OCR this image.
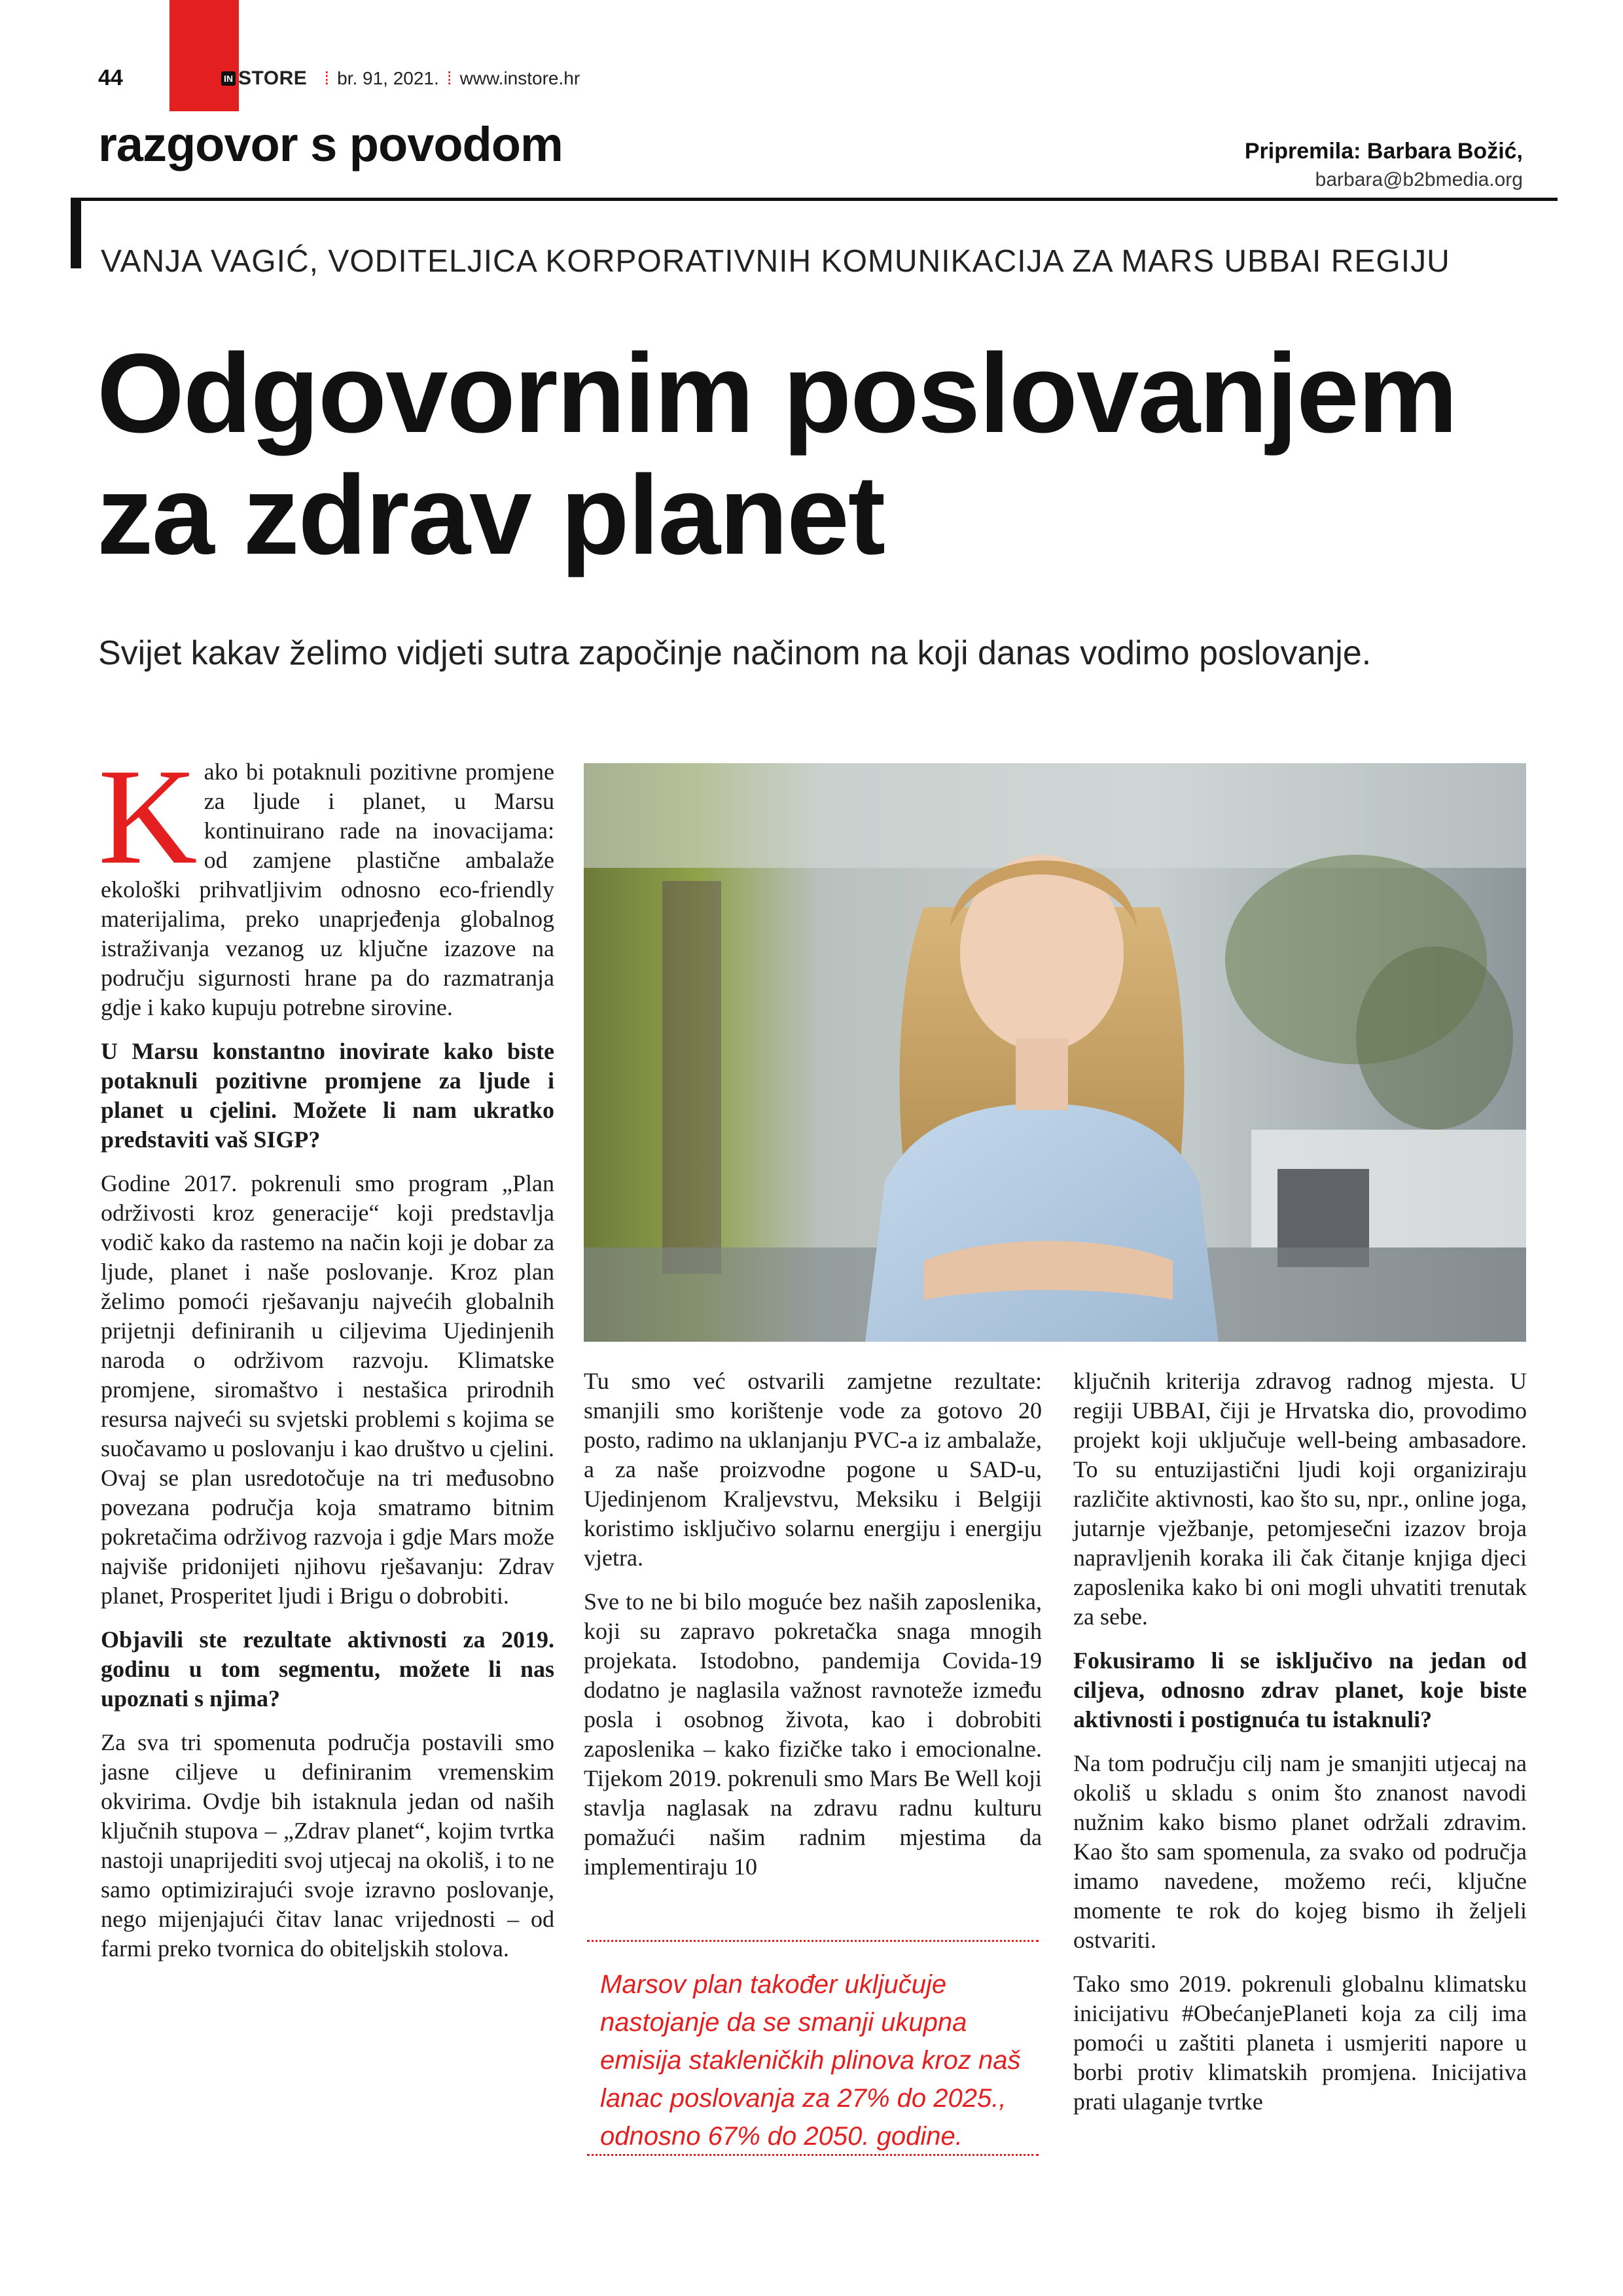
44	IN STORE ⁞ br. 91, 2021. ⁞ www.instore.hr
razgovor s povodom	Pripremila: Barbara Božić,
barbara@b2bmedia.org
VANJA VAGIĆ, VODITELJICA KORPORATIVNIH KOMUNIKACIJA ZA MARS UBBAI REGIJU
Odgovornim poslovanjem
za zdrav planet
Svijet kakav želimo vidjeti sutra započinje načinom na koji danas vodimo poslovanje.

Kako bi potaknuli pozitivne promjene za ljude i planet, u Marsu kontinuirano rade na inovacijama: od zamjene plastične ambalaže ekološki prihvatljivim odnosno eco-friendly materijalima, preko unaprjeđenja globalnog istraživanja vezanog uz ključne izazove na području sigurnosti hrane pa do razmatranja gdje i kako kupuju potrebne sirovine.

U Marsu konstantno inovirate kako biste potaknuli pozitivne promjene za ljude i planet u cjelini. Možete li nam ukratko predstaviti vaš SIGP?

Godine 2017. pokrenuli smo program „Plan održivosti kroz generacije“ koji predstavlja vodič kako da rastemo na način koji je dobar za ljude, planet i naše poslovanje. Kroz plan želimo pomoći rješavanju najvećih globalnih prijetnji definiranih u ciljevima Ujedinjenih naroda o održivom razvoju. Klimatske promjene, siromaštvo i nestašica prirodnih resursa najveći su svjetski problemi s kojima se suočavamo u poslovanju i kao društvo u cjelini. Ovaj se plan usredotočuje na tri međusobno povezana područja koja smatramo bitnim pokretačima održivog razvoja i gdje Mars može najviše pridonijeti njihovu rješavanju: Zdrav planet, Prosperitet ljudi i Brigu o dobrobiti.

Objavili ste rezultate aktivnosti za 2019. godinu u tom segmentu, možete li nas upoznati s njima?

Za sva tri spomenuta područja postavili smo jasne ciljeve u definiranim vremenskim okvirima. Ovdje bih istaknula jedan od naših ključnih stupova – „Zdrav planet“, kojim tvrtka nastoji unaprijediti svoj utjecaj na okoliš, i to ne samo optimizirajući svoje izravno poslovanje, nego mijenjajući čitav lanac vrijednosti – od farmi preko tvornica do obiteljskih stolova.

Tu smo već ostvarili zamjetne rezultate: smanjili smo korištenje vode za gotovo 20 posto, radimo na uklanjanju PVC-a iz ambalaže, a za naše proizvodne pogone u SAD-u, Ujedinjenom Kraljevstvu, Meksiku i Belgiji koristimo isključivo solarnu energiju i energiju vjetra.

Sve to ne bi bilo moguće bez naših zaposlenika, koji su zapravo pokretačka snaga mnogih projekata. Istodobno, pandemija Covida-19 dodatno je naglasila važnost ravnoteže između posla i osobnog života, kao i dobrobiti zaposlenika – kako fizičke tako i emocionalne. Tijekom 2019. pokrenuli smo Mars Be Well koji stavlja naglasak na zdravu radnu kulturu pomažući našim radnim mjestima da implementiraju 10

Marsov plan također uključuje nastojanje da se smanji ukupna emisija stakleničkih plinova kroz naš lanac poslovanja za 27% do 2025., odnosno 67% do 2050. godine.

ključnih kriterija zdravog radnog mjesta. U regiji UBBAI, čiji je Hrvatska dio, provodimo projekt koji uključuje well-being ambasadore. To su entuzijastični ljudi koji organiziraju različite aktivnosti, kao što su, npr., online joga, jutarnje vježbanje, petomjesečni izazov broja napravljenih koraka ili čak čitanje knjiga djeci zaposlenika kako bi oni mogli uhvatiti trenutak za sebe.

Fokusiramo li se isključivo na jedan od ciljeva, odnosno zdrav planet, koje biste aktivnosti i postignuća tu istaknuli?

Na tom području cilj nam je smanjiti utjecaj na okoliš u skladu s onim što znanost navodi nužnim kako bismo planet održali zdravim. Kao što sam spomenula, za svako od područja imamo navedene, možemo reći, ključne momente te rok do kojeg bismo ih željeli ostvariti.

Tako smo 2019. pokrenuli globalnu klimatsku inicijativu #ObećanjePlaneti koja za cilj ima pomoći u zaštiti planeta i usmjeriti napore u borbi protiv klimatskih promjena. Inicijativa prati ulaganje tvrtke
